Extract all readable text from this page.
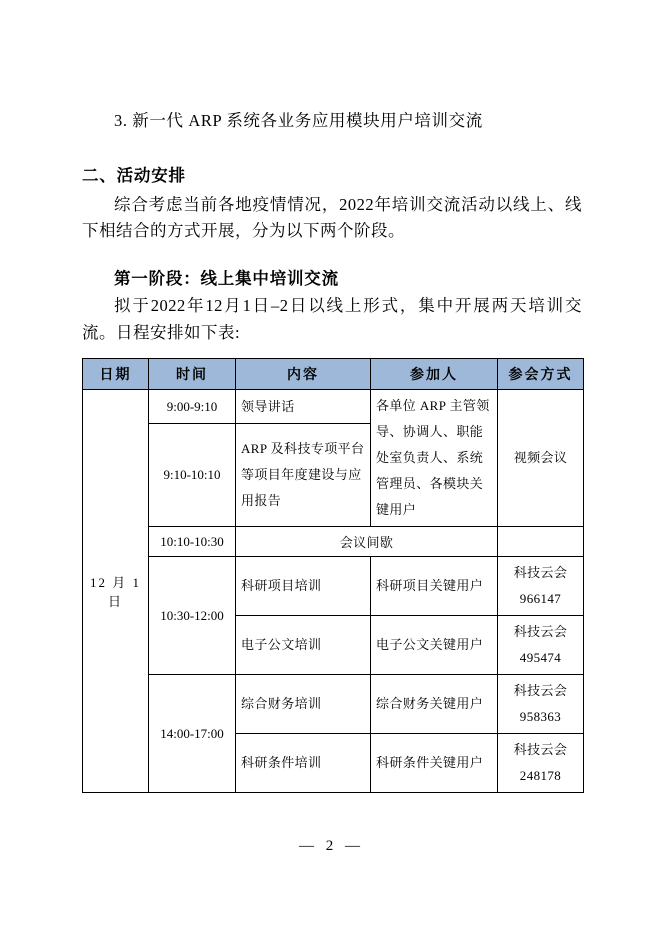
3. 新一代 ARP 系统各业务应用模块用户培训交流

二、活动安排

综合考虑当前各地疫情情况，2022年培训交流活动以线上、线下相结合的方式开展，分为以下两个阶段。

第一阶段：线上集中培训交流

拟于2022年12月1日–2日以线上形式，集中开展两天培训交流。日程安排如下表:

日期	时间	内容	参加人	参会方式
12 月 1 日	9:00-9:10	领导讲话	各单位 ARP 主管领导、协调人、职能处室负责人、系统管理员、各模块关键用户	视频会议
	9:10-10:10	ARP 及科技专项平台等项目年度建设与应用报告		
	10:10-10:30	会议间歇		
	10:30-12:00	科研项目培训	科研项目关键用户	科技云会
966147

		电子公文培训	电子公文关键用户	科技云会
495474

	14:00-17:00	综合财务培训	综合财务关键用户	科技云会
958363

		科研条件培训	科研条件关键用户	科技云会
248178
— 2 —
